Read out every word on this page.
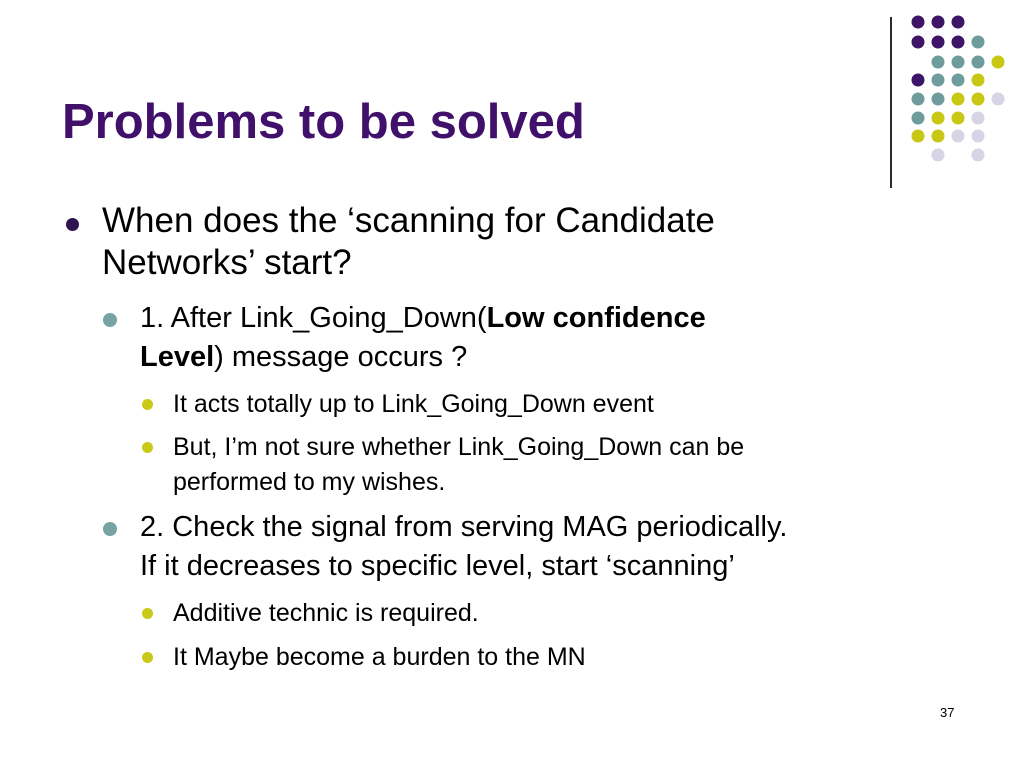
Problems to be solved

When does the ‘scanning for Candidate
Networks’ start?

1. After Link_Going_Down(Low confidence
Level) message occurs ?

It acts totally up to Link_Going_Down event

But, I’m not sure whether Link_Going_Down can be
performed to my wishes.

2. Check the signal from serving MAG periodically.
If it decreases to specific level, start ‘scanning’

Additive technic is required.

It Maybe become a burden to the MN

37
